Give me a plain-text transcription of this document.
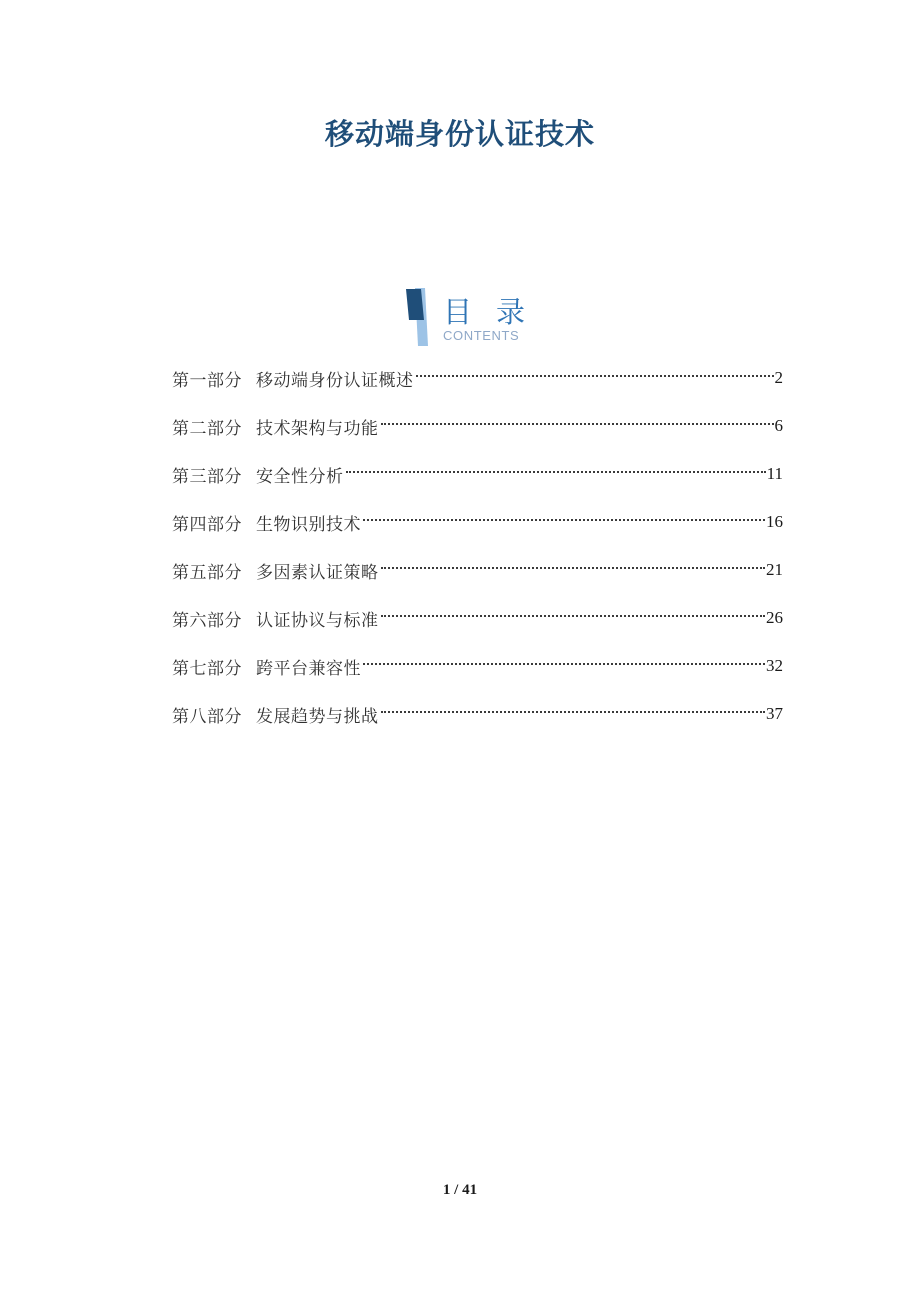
移动端身份认证技术
目 录
CONTENTS
第一部分 移动端身份认证概述	2
第二部分 技术架构与功能	6
第三部分 安全性分析	11
第四部分 生物识别技术	16
第五部分 多因素认证策略	21
第六部分 认证协议与标准	26
第七部分 跨平台兼容性	32
第八部分 发展趋势与挑战	37
1 / 41
